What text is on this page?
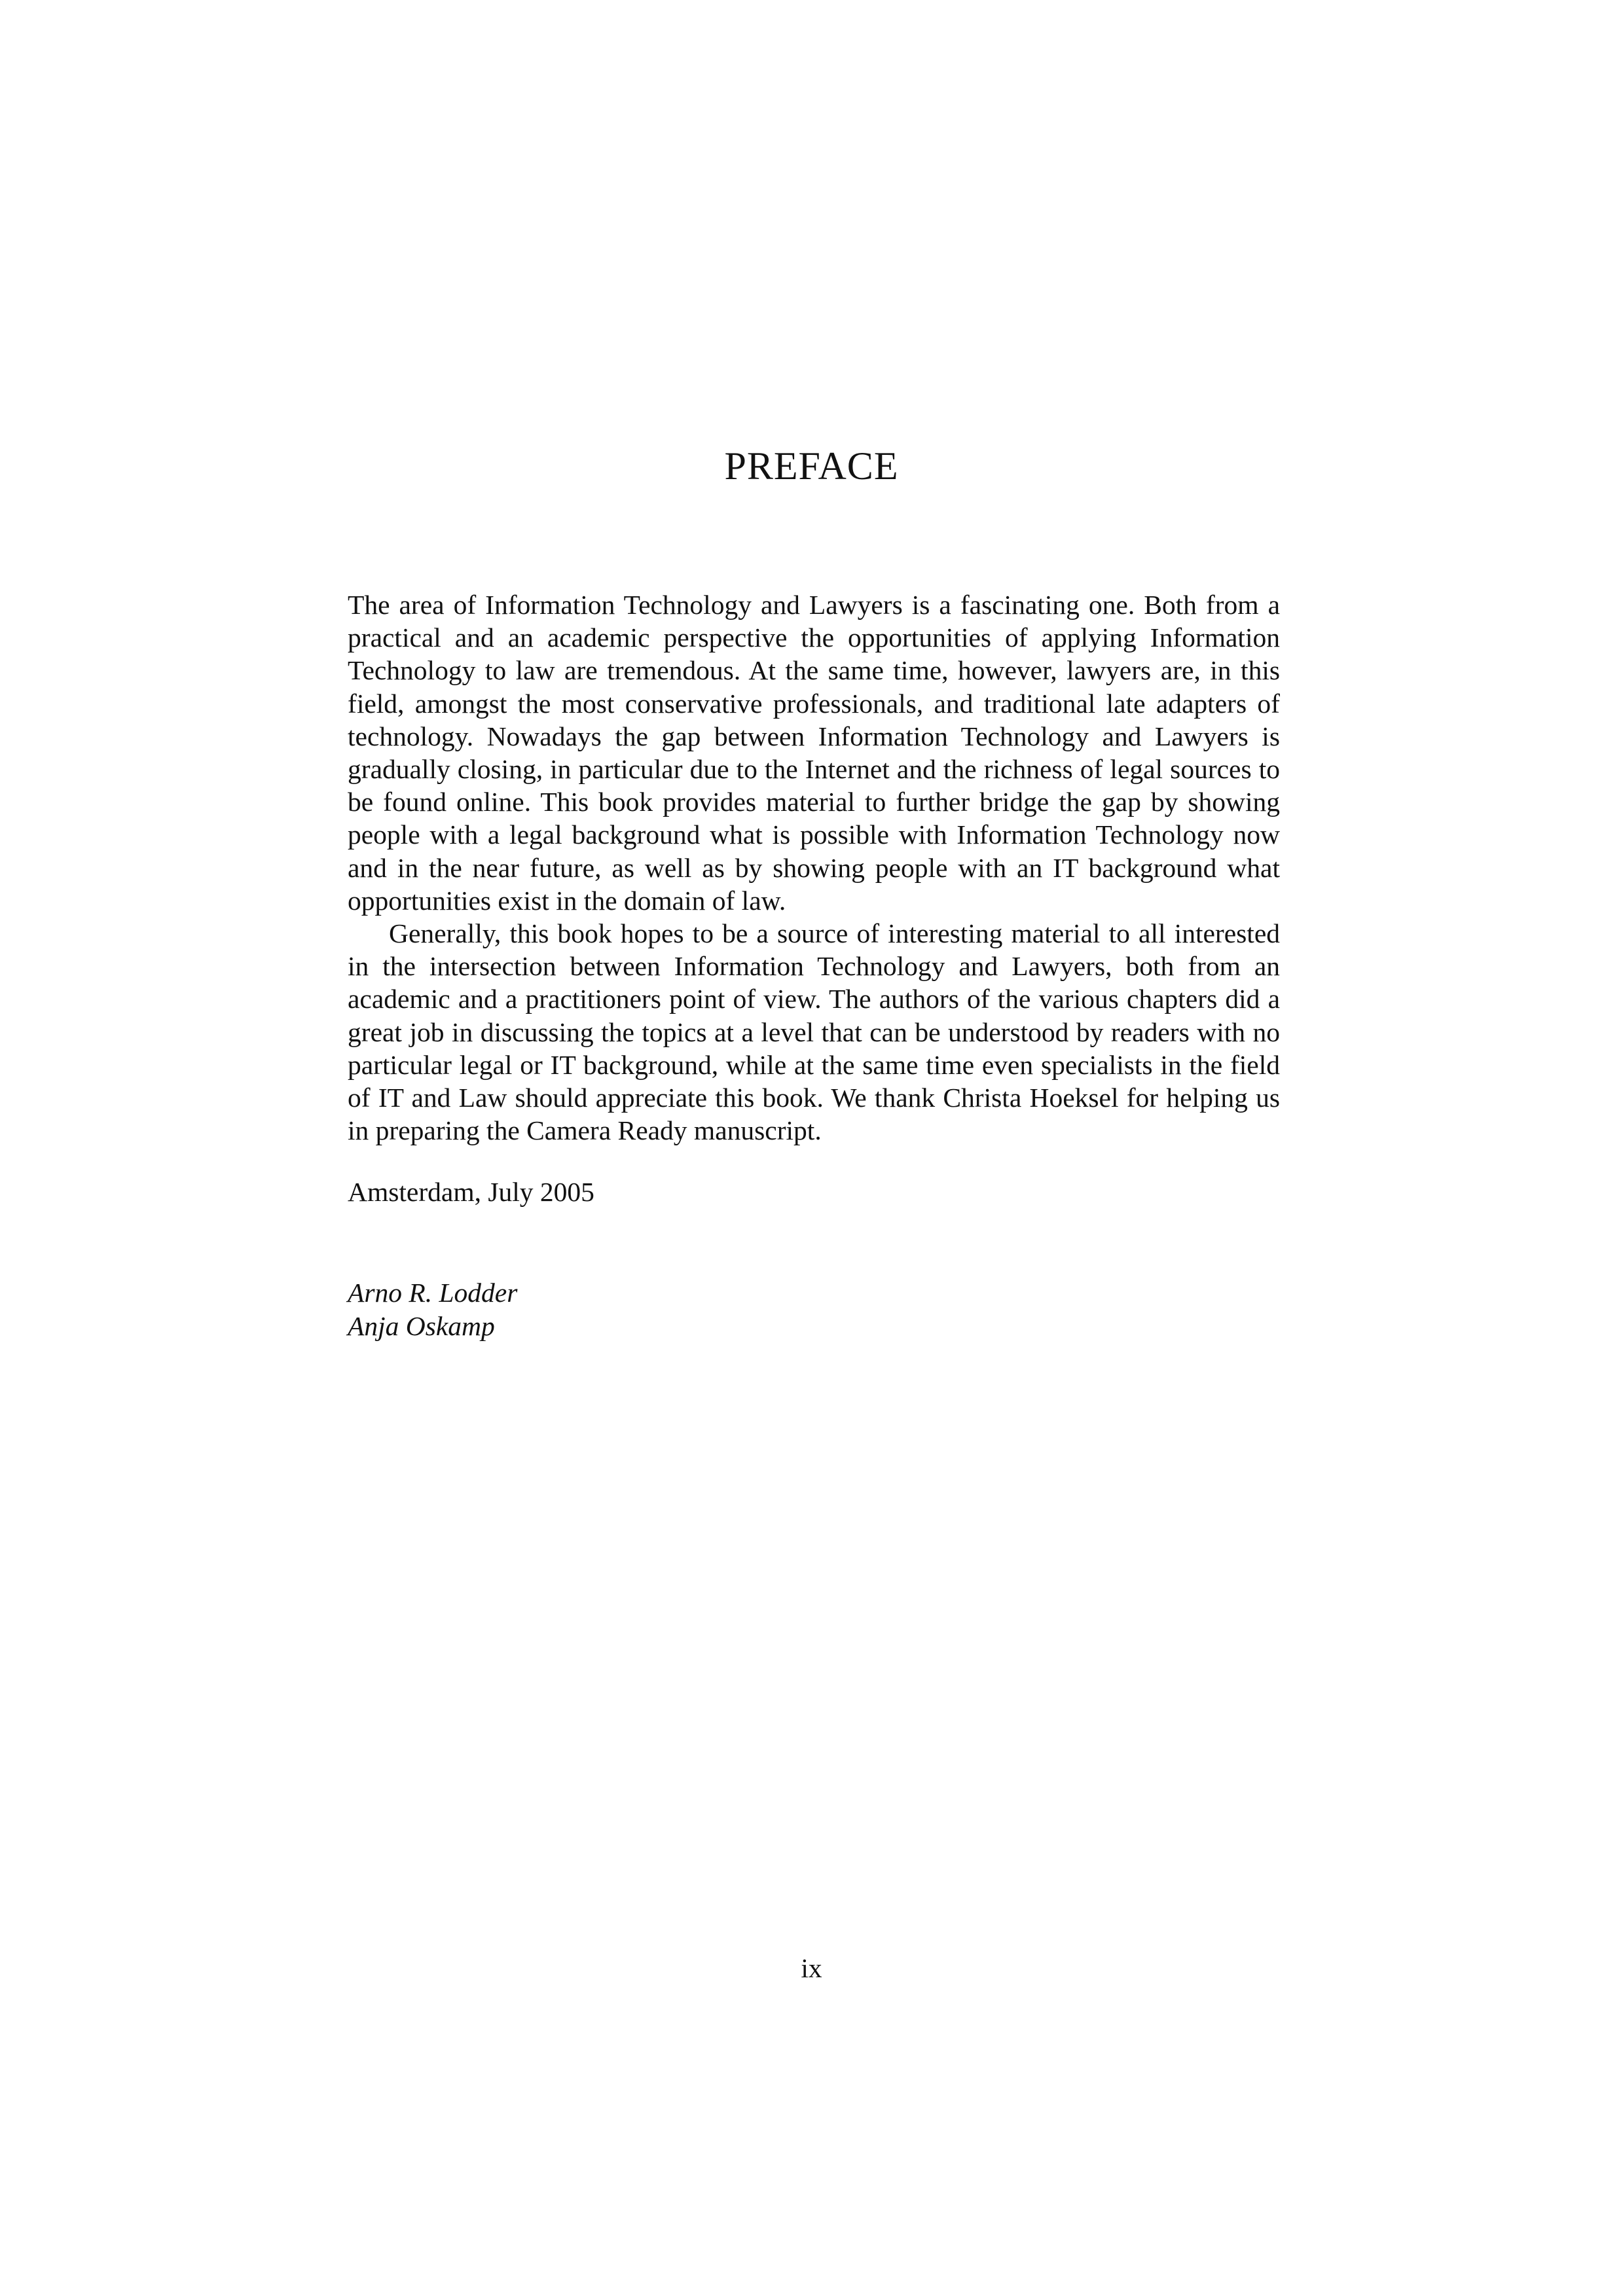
PREFACE

The area of Information Technology and Lawyers is a fascinating one. Both from a practical and an academic perspective the opportunities of applying Information Technology to law are tremendous. At the same time, however, lawyers are, in this field, amongst the most conservative professionals, and traditional late adapters of technology. Nowadays the gap between Information Technology and Lawyers is gradually closing, in particular due to the Internet and the richness of legal sources to be found online. This book provides material to further bridge the gap by showing people with a legal background what is possible with Information Technology now and in the near future, as well as by showing people with an IT background what opportunities exist in the domain of law.

Generally, this book hopes to be a source of interesting material to all interested in the intersection between Information Technology and Lawyers, both from an academic and a practitioners point of view. The authors of the various chapters did a great job in discussing the topics at a level that can be understood by readers with no particular legal or IT background, while at the same time even specialists in the field of IT and Law should appreciate this book. We thank Christa Hoeksel for helping us in preparing the Camera Ready manuscript.

Amsterdam, July 2005

Arno R. Lodder
Anja Oskamp

ix
